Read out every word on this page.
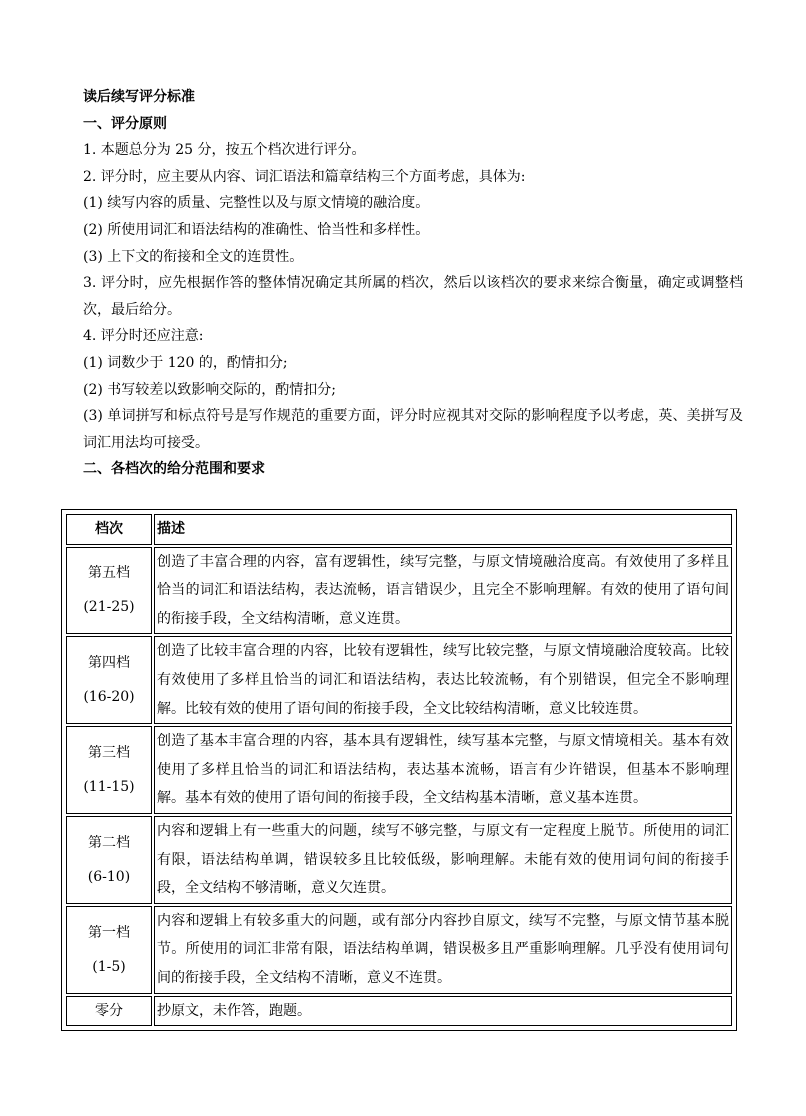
读后续写评分标准
一、评分原则
1. 本题总分为 25 分，按五个档次进行评分。
2. 评分时，应主要从内容、词汇语法和篇章结构三个方面考虑，具体为:
(1) 续写内容的质量、完整性以及与原文情境的融洽度。
(2) 所使用词汇和语法结构的准确性、恰当性和多样性。
(3) 上下文的衔接和全文的连贯性。
3. 评分时，应先根据作答的整体情况确定其所属的档次，然后以该档次的要求来综合衡量，确定或调整档次，最后给分。
4. 评分时还应注意:
(1) 词数少于 120 的，酌情扣分;
(2) 书写较差以致影响交际的，酌情扣分;
(3) 单词拼写和标点符号是写作规范的重要方面，评分时应视其对交际的影响程度予以考虑，英、美拼写及词汇用法均可接受。
二、各档次的给分范围和要求
档次	描述

第五档
(21-25)	创造了丰富合理的内容，富有逻辑性，续写完整，与原文情境融洽度高。有效使用了多样且恰当的词汇和语法结构，表达流畅，语言错误少，且完全不影响理解。有效的使用了语句间的衔接手段，全文结构清晰，意义连贯。

第四档
(16-20)	创造了比较丰富合理的内容，比较有逻辑性，续写比较完整，与原文情境融洽度较高。比较有效使用了多样且恰当的词汇和语法结构，表达比较流畅，有个别错误，但完全不影响理解。比较有效的使用了语句间的衔接手段，全文比较结构清晰，意义比较连贯。

第三档
(11-15)	创造了基本丰富合理的内容，基本具有逻辑性，续写基本完整，与原文情境相关。基本有效使用了多样且恰当的词汇和语法结构，表达基本流畅，语言有少许错误，但基本不影响理解。基本有效的使用了语句间的衔接手段，全文结构基本清晰，意义基本连贯。

第二档
(6-10)	内容和逻辑上有一些重大的问题，续写不够完整，与原文有一定程度上脱节。所使用的词汇有限，语法结构单调，错误较多且比较低级，影响理解。未能有效的使用词句间的衔接手段，全文结构不够清晰，意义欠连贯。

第一档
(1-5)	内容和逻辑上有较多重大的问题，或有部分内容抄自原文，续写不完整，与原文情节基本脱节。所使用的词汇非常有限，语法结构单调，错误极多且严重影响理解。几乎没有使用词句间的衔接手段，全文结构不清晰，意义不连贯。
零分	抄原文，未作答，跑题。
